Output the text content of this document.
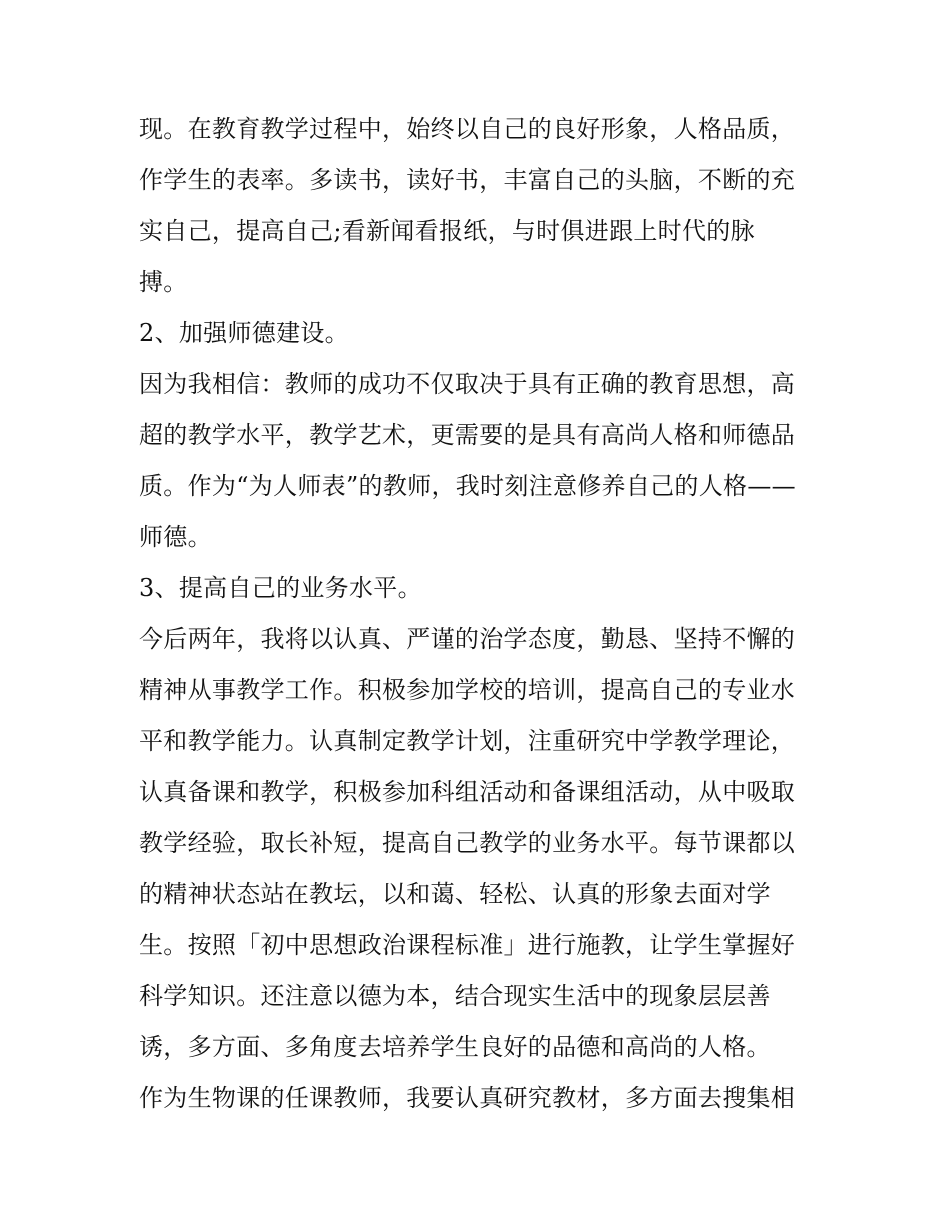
现。在教育教学过程中，始终以自己的良好形象，人格品质，

作学生的表率。多读书，读好书，丰富自己的头脑，不断的充

实自己，提高自己;看新闻看报纸，与时俱进跟上时代的脉

搏。

2、加强师德建设。

因为我相信：教师的成功不仅取决于具有正确的教育思想，高

超的教学水平，教学艺术，更需要的是具有高尚人格和师德品

质。作为“为人师表”的教师，我时刻注意修养自己的人格——

师德。

3、提高自己的业务水平。

今后两年，我将以认真、严谨的治学态度，勤恳、坚持不懈的

精神从事教学工作。积极参加学校的培训，提高自己的专业水

平和教学能力。认真制定教学计划，注重研究中学教学理论，

认真备课和教学，积极参加科组活动和备课组活动，从中吸取

教学经验，取长补短，提高自己教学的业务水平。每节课都以

的精神状态站在教坛，以和蔼、轻松、认真的形象去面对学

生。按照「初中思想政治课程标准」进行施教，让学生掌握好

科学知识。还注意以德为本，结合现实生活中的现象层层善

诱，多方面、多角度去培养学生良好的品德和高尚的人格。

作为生物课的任课教师，我要认真研究教材，多方面去搜集相
